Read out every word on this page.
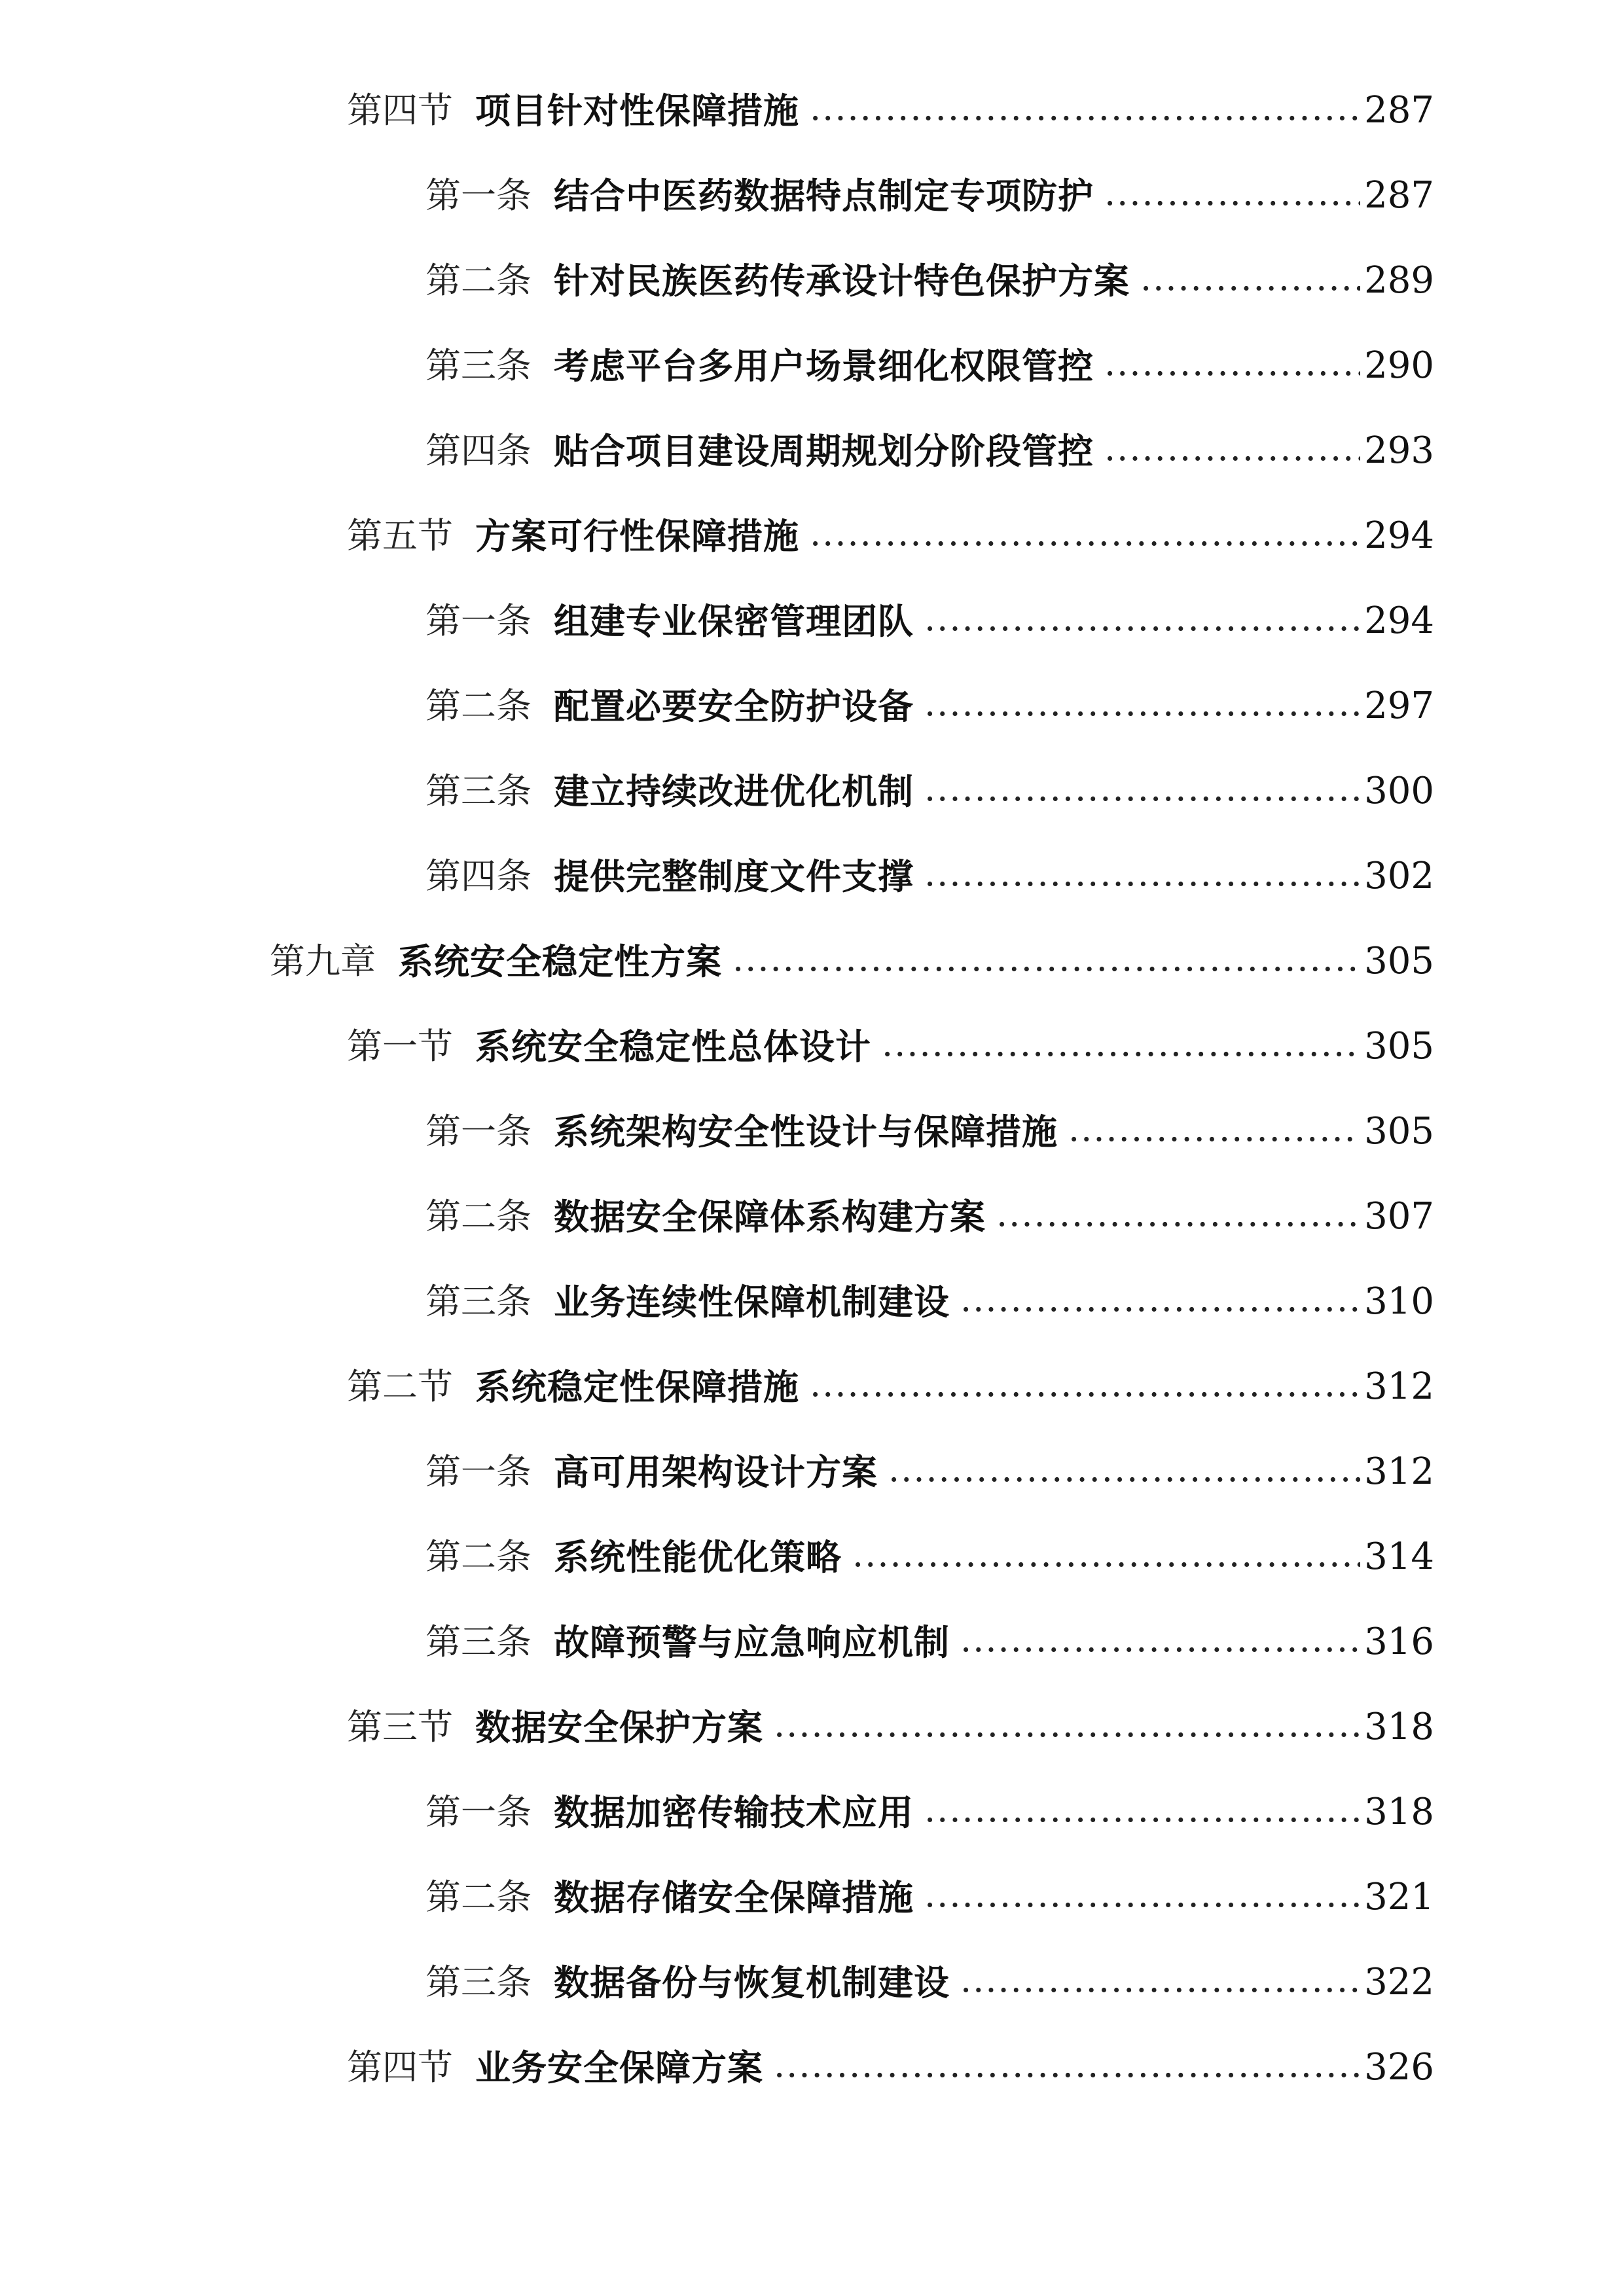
第四节 项目针对性保障措施 .....	287
第一条 结合中医药数据特点制定专项防护 .....	287
第二条 针对民族医药传承设计特色保护方案 .....	289
第三条 考虑平台多用户场景细化权限管控 .....	290
第四条 贴合项目建设周期规划分阶段管控 .....	293
第五节 方案可行性保障措施 .....	294
第一条 组建专业保密管理团队 .....	294
第二条 配置必要安全防护设备 .....	297
第三条 建立持续改进优化机制 .....	300
第四条 提供完整制度文件支撑 .....	302
第九章 系统安全稳定性方案 .....	305
第一节 系统安全稳定性总体设计 .....	305
第一条 系统架构安全性设计与保障措施 .....	305
第二条 数据安全保障体系构建方案 .....	307
第三条 业务连续性保障机制建设 .....	310
第二节 系统稳定性保障措施 .....	312
第一条 高可用架构设计方案 .....	312
第二条 系统性能优化策略 .....	314
第三条 故障预警与应急响应机制 .....	316
第三节 数据安全保护方案 .....	318
第一条 数据加密传输技术应用 .....	318
第二条 数据存储安全保障措施 .....	321
第三条 数据备份与恢复机制建设 .....	322
第四节 业务安全保障方案 .....	326
